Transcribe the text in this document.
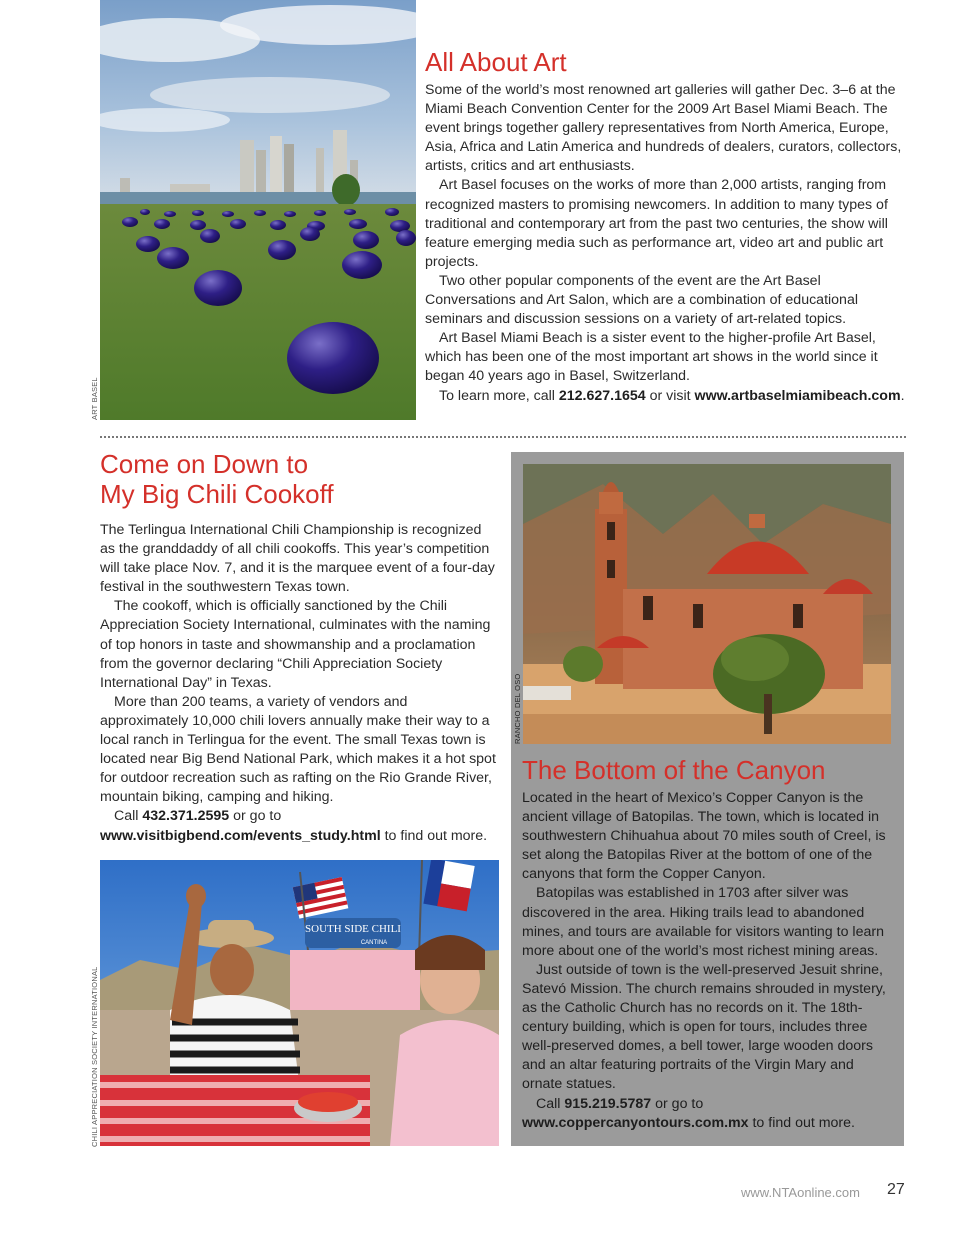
ART BASEL
All About Art

Some of the world’s most renowned art galleries will gather Dec. 3–6 at the Miami Beach Convention Center for the 2009 Art Basel Miami Beach. The event brings together gallery representatives from North America, Europe, Asia, Africa and Latin America and hundreds of dealers, curators, collectors, artists, critics and art enthusiasts.

Art Basel focuses on the works of more than 2,000 artists, ranging from recognized masters to promising newcomers. In addition to many types of traditional and contemporary art from the past two centuries, the show will feature emerging media such as performance art, video art and public art projects.

Two other popular components of the event are the Art Basel Conversations and Art Salon, which are a combination of educational seminars and discussion sessions on a variety of art-related topics.

Art Basel Miami Beach is a sister event to the higher-profile Art Basel, which has been one of the most important art shows in the world since it began 40 years ago in Basel, Switzerland.

To learn more, call 212.627.1654 or visit www.artbaselmiamibeach.com.

Come on Down to
My Big Chili Cookoff

The Terlingua International Chili Championship is recognized as the granddaddy of all chili cookoffs. This year’s competition will take place Nov. 7, and it is the marquee event of a four-day festival in the southwestern Texas town.

The cookoff, which is officially sanctioned by the Chili Appreciation Society International, culminates with the naming of top honors in taste and showmanship and a proclamation from the governor declaring “Chili Appreciation Society International Day” in Texas.

More than 200 teams, a variety of vendors and approximately 10,000 chili lovers annually make their way to a local ranch in Terlingua for the event. The small Texas town is located near Big Bend National Park, which makes it a hot spot for outdoor recreation such as rafting on the Rio Grande River, mountain biking, camping and hiking.

Call 432.371.2595 or go to www.visitbigbend.com/events_study.html to find out more.

SOUTH SIDE CHILI
CANTINA
CHILI APPRECIATION SOCIETY INTERNATIONAL
RANCHO DEL OSO
The Bottom of the Canyon

Located in the heart of Mexico’s Copper Canyon is the ancient village of Batopilas. The town, which is located in southwestern Chihuahua about 70 miles south of Creel, is set along the Batopilas River at the bottom of one of the canyons that form the Copper Canyon.

Batopilas was established in 1703 after silver was discovered in the area. Hiking trails lead to abandoned mines, and tours are available for visitors wanting to learn more about one of the world’s most richest mining areas.

Just outside of town is the well-preserved Jesuit shrine, Satevó Mission. The church remains shrouded in mystery, as the Catholic Church has no records on it. The 18th-century building, which is open for tours, includes three well-preserved domes, a bell tower, large wooden doors and an altar featuring portraits of the Virgin Mary and ornate statues.

Call 915.219.5787 or go to www.coppercanyontours.com.mx to find out more.

www.NTAonline.com 27
